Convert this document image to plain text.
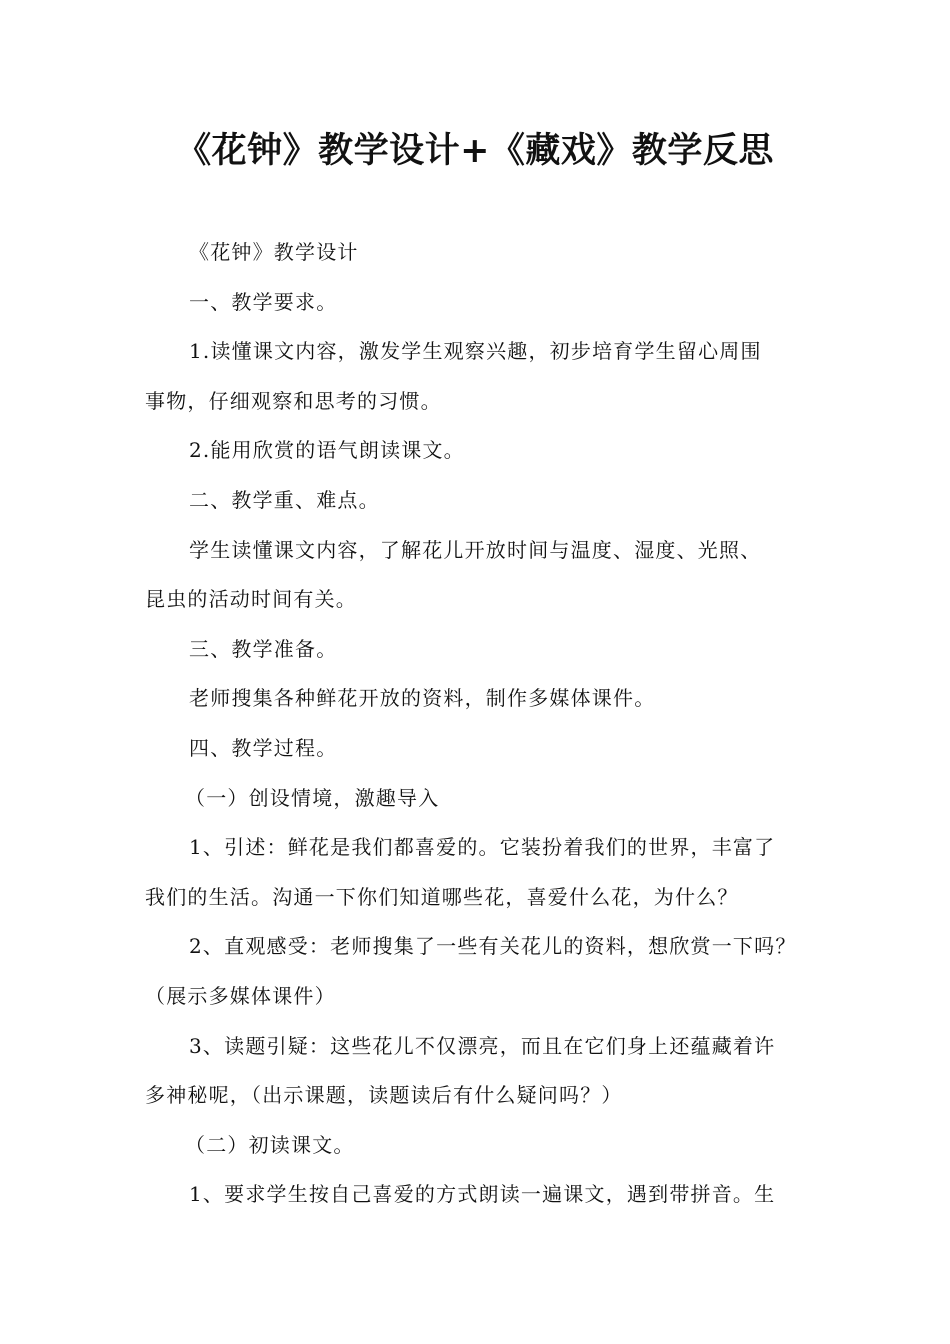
《花钟》教学设计+《藏戏》教学反思
《花钟》教学设计
一、教学要求。
1.读懂课文内容，激发学生观察兴趣，初步培育学生留心周围
事物，仔细观察和思考的习惯。
2.能用欣赏的语气朗读课文。
二、教学重、难点。
学生读懂课文内容，了解花儿开放时间与温度、湿度、光照、
昆虫的活动时间有关。
三、教学准备。
老师搜集各种鲜花开放的资料，制作多媒体课件。
四、教学过程。
（一）创设情境，激趣导入
1、引述：鲜花是我们都喜爱的。它装扮着我们的世界，丰富了
我们的生活。沟通一下你们知道哪些花，喜爱什么花，为什么？
2、直观感受：老师搜集了一些有关花儿的资料，想欣赏一下吗？
（展示多媒体课件）
3、读题引疑：这些花儿不仅漂亮，而且在它们身上还蕴藏着许
多神秘呢，（出示课题，读题读后有什么疑问吗？）
（二）初读课文。
1、要求学生按自己喜爱的方式朗读一遍课文，遇到带拼音。生
